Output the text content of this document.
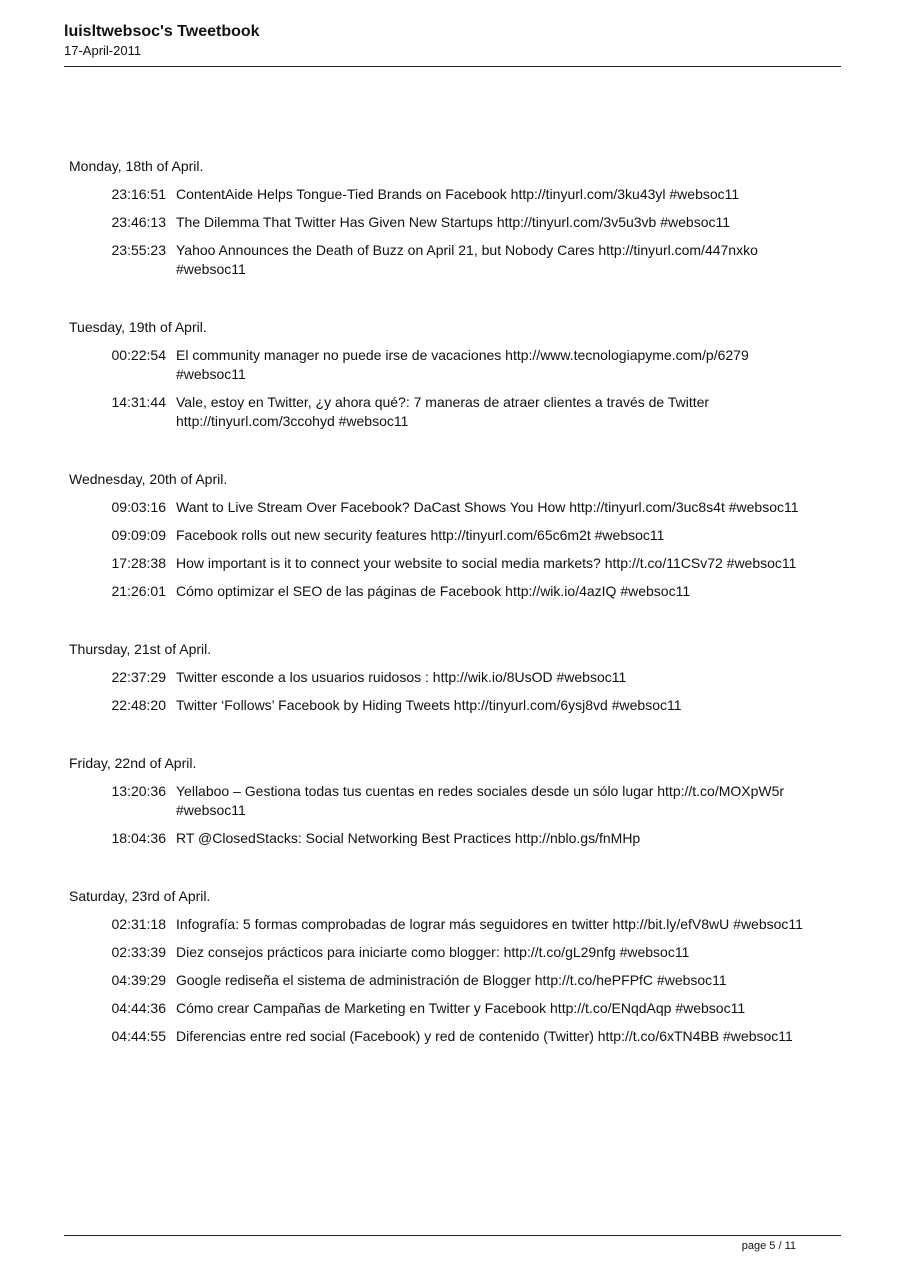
luisltwebsoc's Tweetbook
17-April-2011
Monday, 18th of April.
23:16:51 ContentAide Helps Tongue-Tied Brands on Facebook http://tinyurl.com/3ku43yl #websoc11
23:46:13 The Dilemma That Twitter Has Given New Startups http://tinyurl.com/3v5u3vb #websoc11
23:55:23 Yahoo Announces the Death of Buzz on April 21, but Nobody Cares http://tinyurl.com/447nxko #websoc11
Tuesday, 19th of April.
00:22:54 El community manager no puede irse de vacaciones http://www.tecnologiapyme.com/p/6279 #websoc11
14:31:44 Vale, estoy en Twitter, ¿y ahora qué?: 7 maneras de atraer clientes a través de Twitter http://tinyurl.com/3ccohyd #websoc11
Wednesday, 20th of April.
09:03:16 Want to Live Stream Over Facebook? DaCast Shows You How http://tinyurl.com/3uc8s4t #websoc11
09:09:09 Facebook rolls out new security features http://tinyurl.com/65c6m2t #websoc11
17:28:38 How important is it to connect your website to social media markets? http://t.co/11CSv72 #websoc11
21:26:01 Cómo optimizar el SEO de las páginas de Facebook http://wik.io/4azIQ #websoc11
Thursday, 21st of April.
22:37:29 Twitter esconde a los usuarios ruidosos : http://wik.io/8UsOD #websoc11
22:48:20 Twitter ‘Follows’ Facebook by Hiding Tweets http://tinyurl.com/6ysj8vd #websoc11
Friday, 22nd of April.
13:20:36 Yellaboo – Gestiona todas tus cuentas en redes sociales desde un sólo lugar http://t.co/MOXpW5r #websoc11
18:04:36 RT @ClosedStacks: Social Networking Best Practices http://nblo.gs/fnMHp
Saturday, 23rd of April.
02:31:18 Infografía: 5 formas comprobadas de lograr más seguidores en twitter http://bit.ly/efV8wU #websoc11
02:33:39 Diez consejos prácticos para iniciarte como blogger: http://t.co/gL29nfg #websoc11
04:39:29 Google rediseña el sistema de administración de Blogger http://t.co/hePFPfC #websoc11
04:44:36 Cómo crear Campañas de Marketing en Twitter y Facebook http://t.co/ENqdAqp #websoc11
04:44:55 Diferencias entre red social (Facebook) y red de contenido (Twitter) http://t.co/6xTN4BB #websoc11
page 5 / 11
